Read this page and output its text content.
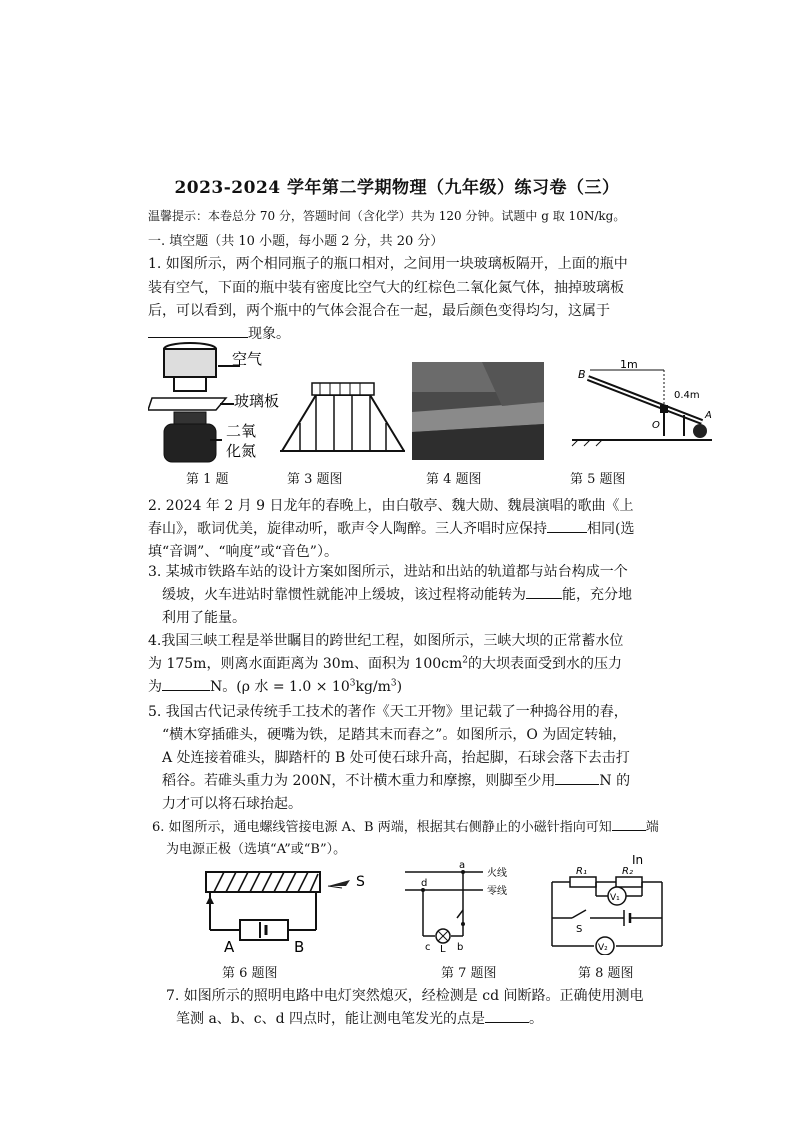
2023-2024 学年第二学期物理（九年级）练习卷（三）
温馨提示：本卷总分 70 分，答题时间（含化学）共为 120 分钟。试题中 g 取 10N/kg。
一. 填空题（共 10 小题，每小题 2 分，共 20 分）
1. 如图所示，两个相同瓶子的瓶口相对，之间用一块玻璃板隔开，上面的瓶中
装有空气，下面的瓶中装有密度比空气大的红棕色二氧化氮气体，抽掉玻璃板
后，可以看到，两个瓶中的气体会混合在一起，最后颜色变得均匀，这属于
现象。
空气
玻璃板
二氧
化氮
B
1m
0.4m
O
A
第 1 题	第 3 题图	第 4 题图	第 5 题图
2. 2024 年 2 月 9 日龙年的春晚上，由白敬亭、魏大勋、魏晨演唱的歌曲《上
春山》，歌词优美，旋律动听，歌声令人陶醉。三人齐唱时应保持	相同(选
填“音调”、“响度”或“音色”）。
3. 某城市铁路车站的设计方案如图所示，进站和出站的轨道都与站台构成一个
缓坡，火车进站时靠惯性就能冲上缓坡，该过程将动能转为	能，充分地
利用了能量。
4.我国三峡工程是举世瞩目的跨世纪工程，如图所示，三峡大坝的正常蓄水位
为 175m，则离水面距离为 30m、面积为 $100cm^2$的大坝表面受到水的压力
为	N。(ρ 水 = $1.0 \times 10^3kg/m^3$)
5. 我国古代记录传统手工技术的著作《天工开物》里记载了一种捣谷用的舂，
“横木穿插碓头，硬嘴为铁，足踏其末而舂之”。如图所示，O 为固定转轴，
A 处连接着碓头，脚踏杆的 B 处可使石球升高，抬起脚，石球会落下去击打
稻谷。若碓头重力为 200N，不计横木重力和摩擦，则脚至少用	N 的
力才可以将石球抬起。
6. 如图所示，通电螺线管接电源 A、B 两端，根据其右侧静止的小磁针指向可知	端
为电源正极（选填“A”或“B”）。
S
A	B
a
d
火线
零线
c L b
In
R₁	R₂
V₁
S
V₂
第 6 题图	第 7 题图	第 8 题图
7. 如图所示的照明电路中电灯突然熄灭，经检测是 cd 间断路。正确使用测电
笔测 a、b、c、d 四点时，能让测电笔发光的点是	。
